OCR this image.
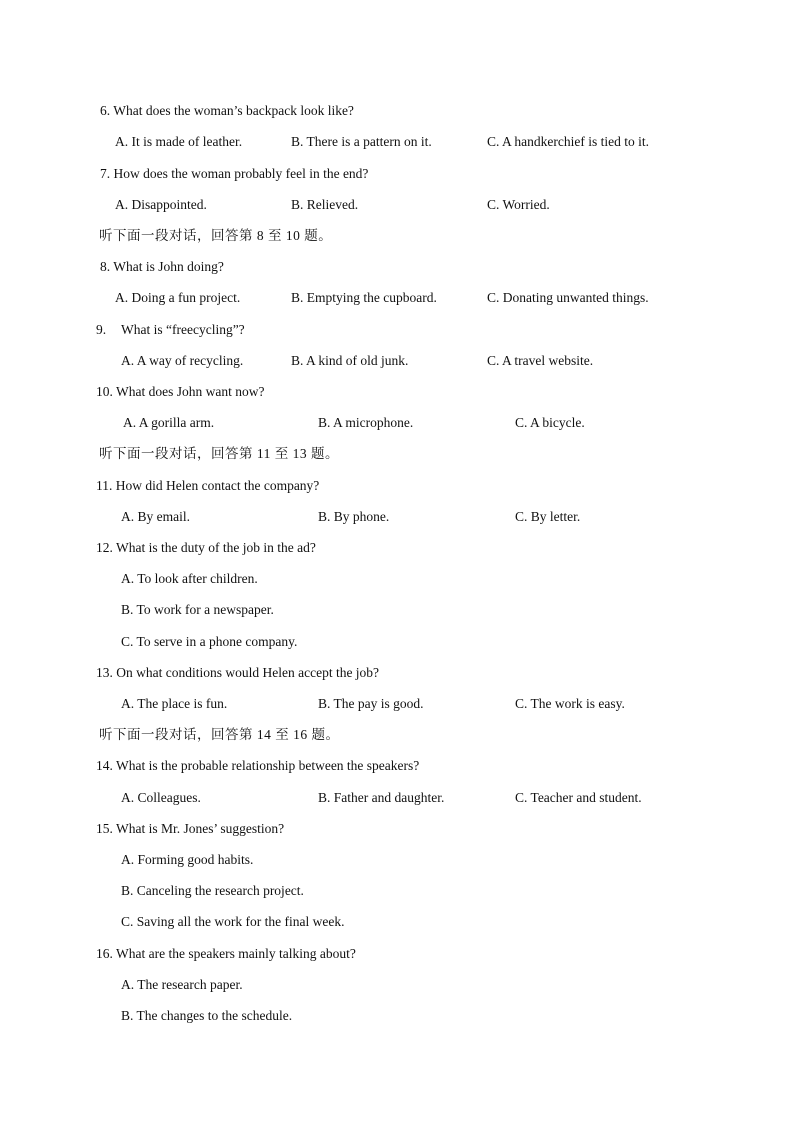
6. What does the woman’s backpack look like?
A. It is made of leather.	B. There is a pattern on it.	C. A handkerchief is tied to it.
7. How does the woman probably feel in the end?
A. Disappointed.	B. Relieved.	C. Worried.
听下面一段对话，回答第 8 至 10 题。
8. What is John doing?
A. Doing a fun project.	B. Emptying the cupboard.	C. Donating unwanted things.
9. What is “freecycling”?
A. A way of recycling.	B. A kind of old junk.	C. A travel website.
10. What does John want now?
A. A gorilla arm.	B. A microphone.	C. A bicycle.
听下面一段对话，回答第 11 至 13 题。
11. How did Helen contact the company?
A. By email.	B. By phone.	C. By letter.
12. What is the duty of the job in the ad?
A. To look after children.
B. To work for a newspaper.
C. To serve in a phone company.
13. On what conditions would Helen accept the job?
A. The place is fun.	B. The pay is good.	C. The work is easy.
听下面一段对话，回答第 14 至 16 题。
14. What is the probable relationship between the speakers?
A. Colleagues.	B. Father and daughter.	C. Teacher and student.
15. What is Mr. Jones’ suggestion?
A. Forming good habits.
B. Canceling the research project.
C. Saving all the work for the final week.
16. What are the speakers mainly talking about?
A. The research paper.
B. The changes to the schedule.
